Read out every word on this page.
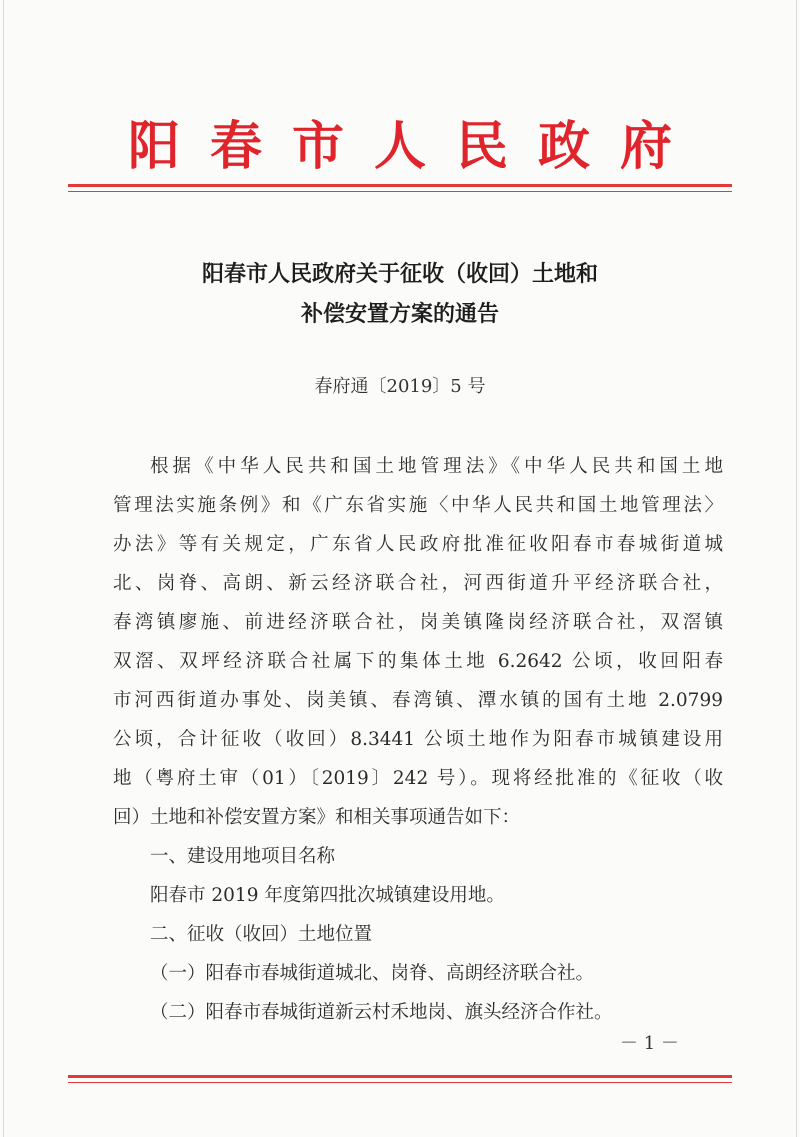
阳春市人民政府
阳春市人民政府关于征收（收回）土地和
补偿安置方案的通告
春府通〔2019〕5 号
根据《中华人民共和国土地管理法》《中华人民共和国土地
管理法实施条例》和《广东省实施〈中华人民共和国土地管理法〉
办法》等有关规定，广东省人民政府批准征收阳春市春城街道城
北、岗脊、高朗、新云经济联合社，河西街道升平经济联合社，
春湾镇廖施、前进经济联合社，岗美镇隆岗经济联合社，双滘镇
双滘、双坪经济联合社属下的集体土地 6.2642 公顷，收回阳春
市河西街道办事处、岗美镇、春湾镇、潭水镇的国有土地 2.0799
公顷，合计征收（收回）8.3441 公顷土地作为阳春市城镇建设用
地（粤府土审（01）〔2019〕242 号）。现将经批准的《征收（收
回）土地和补偿安置方案》和相关事项通告如下：
一、建设用地项目名称
阳春市 2019 年度第四批次城镇建设用地。
二、征收（收回）土地位置
（一）阳春市春城街道城北、岗脊、高朗经济联合社。
（二）阳春市春城街道新云村禾地岗、旗头经济合作社。
－ 1 －
